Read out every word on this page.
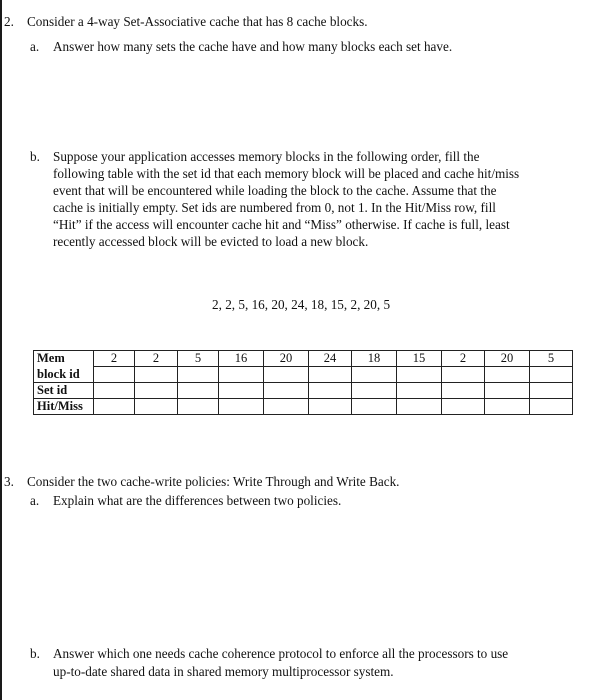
2. Consider a 4-way Set-Associative cache that has 8 cache blocks.
a. Answer how many sets the cache have and how many blocks each set have.
b. Suppose your application accesses memory blocks in the following order, fill the
following table with the set id that each memory block will be placed and cache hit/miss
event that will be encountered while loading the block to the cache. Assume that the
cache is initially empty. Set ids are numbered from 0, not 1. In the Hit/Miss row, fill
“Hit” if the access will encounter cache hit and “Miss” otherwise. If cache is full, least
recently accessed block will be evicted to load a new block.
2, 2, 5, 16, 20, 24, 18, 15, 2, 20, 5
Mem	2	2	5	16	20	24	18	15	2	20	5
block id											
Set id											
Hit/Miss											
3. Consider the two cache-write policies: Write Through and Write Back.
a. Explain what are the differences between two policies.
b. Answer which one needs cache coherence protocol to enforce all the processors to use
up-to-date shared data in shared memory multiprocessor system.
